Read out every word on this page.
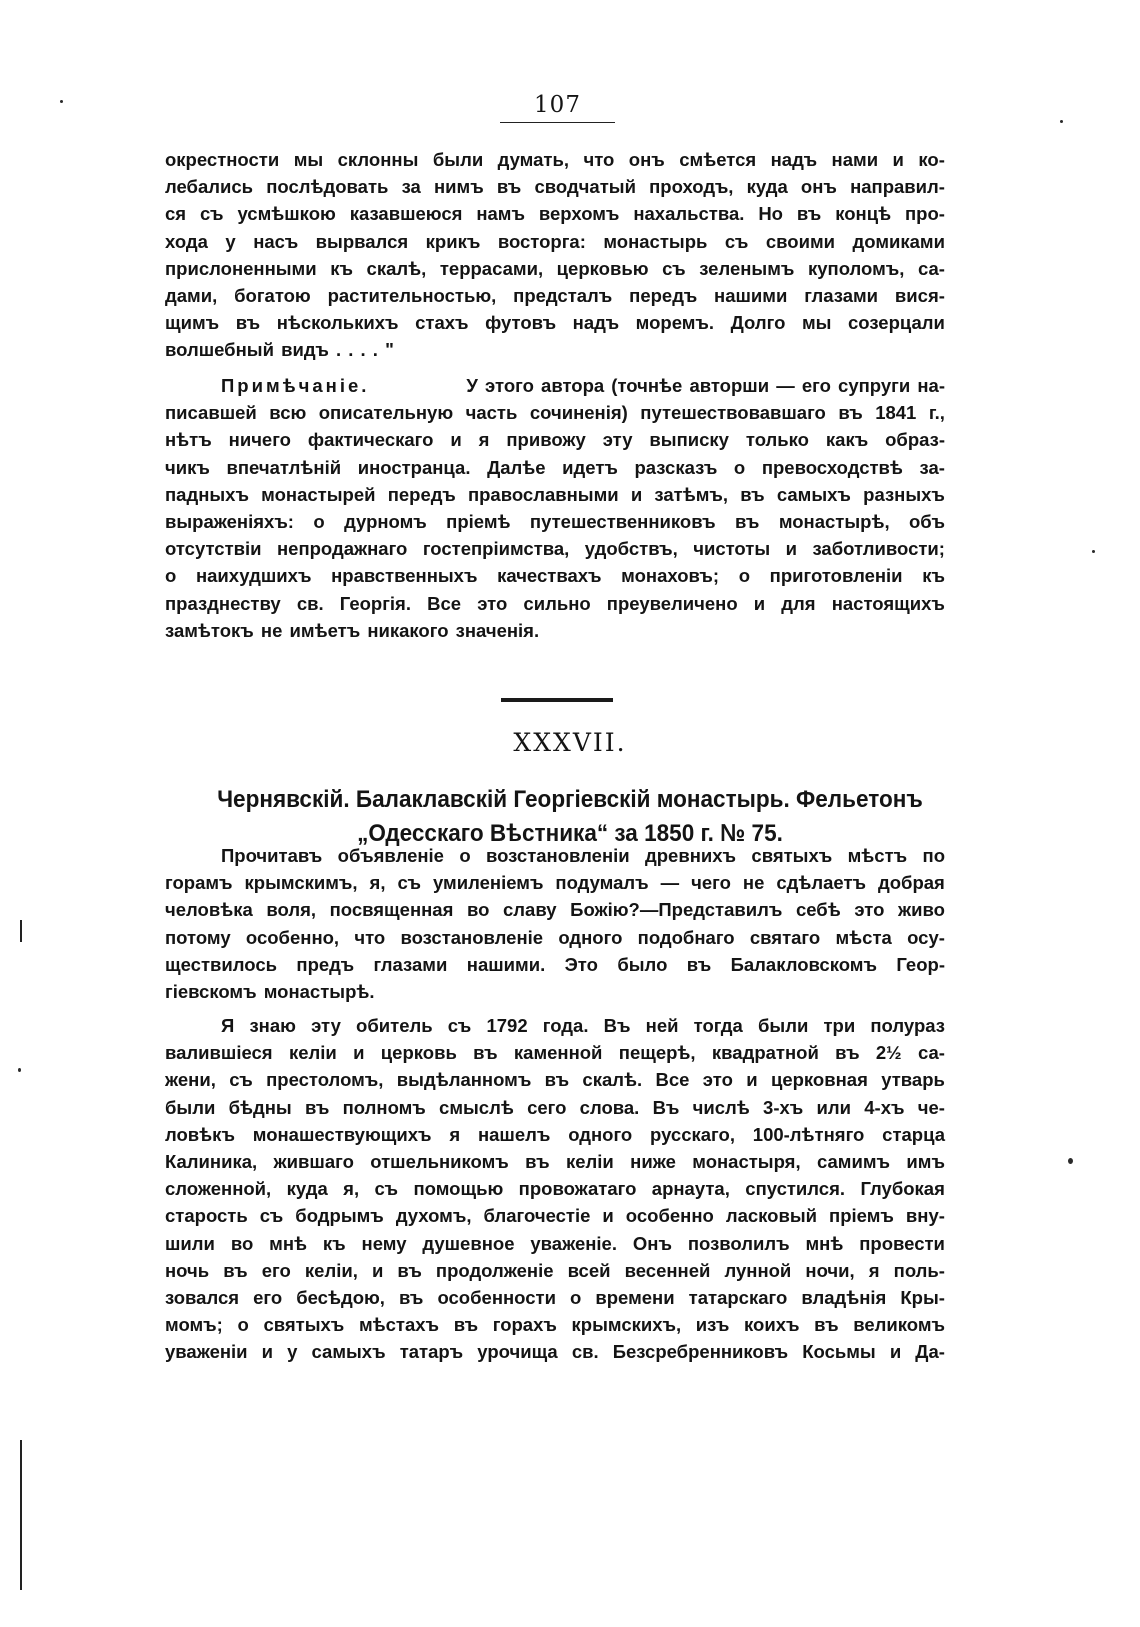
107
окрестности мы склонны были думать, что онъ смѣется надъ нами и ко-
лебались послѣдовать за нимъ въ сводчатый проходъ, куда онъ направил-
ся съ усмѣшкою казавшеюся намъ верхомъ нахальства. Но въ концѣ про-
хода у насъ вырвался крикъ восторга: монастырь съ своими домиками
прислоненными къ скалѣ, террасами, церковью съ зеленымъ куполомъ, са-
дами, богатою растительностью, предсталъ передъ нашими глазами вися-
щимъ въ нѣсколькихъ стахъ футовъ надъ моремъ. Долго мы созерцали
волшебный видъ . . . . "
Примѣчаніе.	У этого автора (точнѣе авторши — его супруги на-
писавшей всю описательную часть сочиненія) путешествовавшаго въ 1841 г.,
нѣтъ ничего фактическаго и я привожу эту выписку только какъ образ-
чикъ впечатлѣній иностранца. Далѣе идетъ разсказъ о превосходствѣ за-
падныхъ монастырей передъ православными и затѣмъ, въ самыхъ разныхъ
выраженіяхъ: о дурномъ пріемѣ путешественниковъ въ монастырѣ, объ
отсутствіи непродажнаго гостепріимства, удобствъ, чистоты и заботливости;
о наихудшихъ нравственныхъ качествахъ монаховъ; о приготовленіи къ
празднеству св. Георгія. Все это сильно преувеличено и для настоящихъ
замѣтокъ не имѣетъ никакого значенія.
XXXVII.
Чернявскій. Балаклавскій Георгіевскій монастырь. Фельетонъ
„Одесскаго Вѣстника“ за 1850 г. № 75.
Прочитавъ объявленіе о возстановленіи древнихъ святыхъ мѣстъ по
горамъ крымскимъ, я, съ умиленіемъ подумалъ — чего не сдѣлаетъ добрая
человѣка воля, посвященная во славу Божію?—Представилъ себѣ это живо
потому особенно, что возстановленіе одного подобнаго святаго мѣста осу-
ществилось предъ глазами нашими. Это было въ Балакловскомъ Геор-
гіевскомъ монастырѣ.
Я знаю эту обитель съ 1792 года. Въ ней тогда были три полураз
валившіеся келіи и церковь въ каменной пещерѣ, квадратной въ 2½ са-
жени, съ престоломъ, выдѣланномъ въ скалѣ. Все это и церковная утварь
были бѣдны въ полномъ смыслѣ сего слова. Въ числѣ 3-хъ или 4-хъ че-
ловѣкъ монашествующихъ я нашелъ одного русскаго, 100-лѣтняго старца
Калиника, жившаго отшельникомъ въ келіи ниже монастыря, самимъ имъ
сложенной, куда я, съ помощью провожатаго арнаута, спустился. Глубокая
старость съ бодрымъ духомъ, благочестіе и особенно ласковый пріемъ вну-
шили во мнѣ къ нему душевное уваженіе. Онъ позволилъ мнѣ провести
ночь въ его келіи, и въ продолженіе всей весенней лунной ночи, я поль-
зовался его бесѣдою, въ особенности о времени татарскаго владѣнія Кры-
момъ; о святыхъ мѣстахъ въ горахъ крымскихъ, изъ коихъ въ великомъ
уваженіи и у самыхъ татаръ урочища св. Безсребренниковъ Косьмы и Да-
